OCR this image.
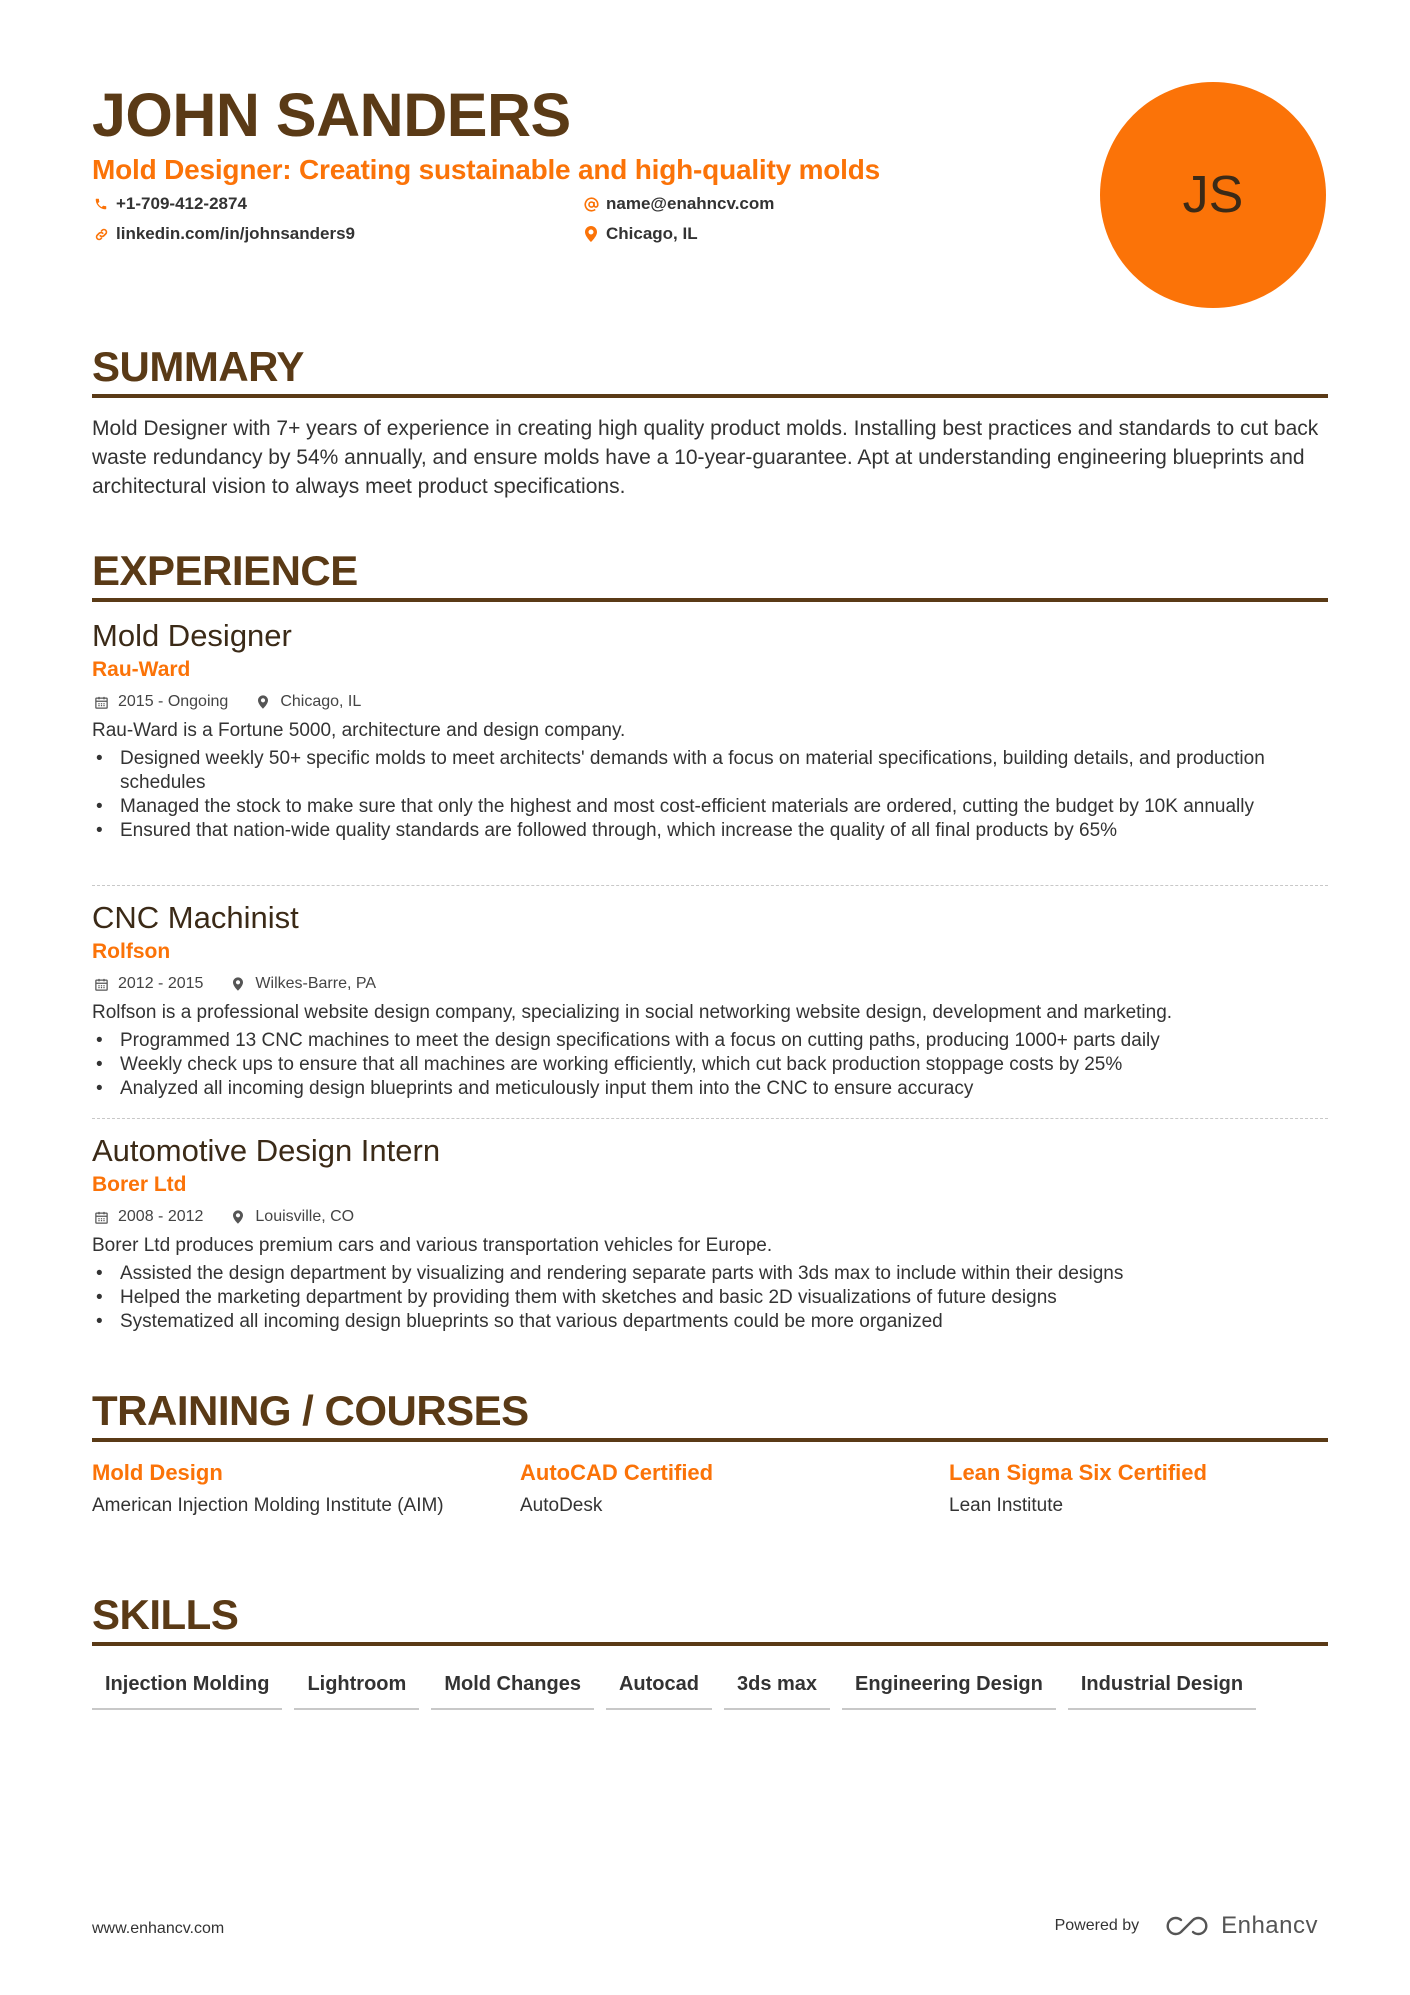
JOHN SANDERS
Mold Designer: Creating sustainable and high-quality molds
+1-709-412-2874
linkedin.com/in/johnsanders9
name@enahncv.com
Chicago, IL
JS
SUMMARY
Mold Designer with 7+ years of experience in creating high quality product molds. Installing best practices and standards to cut back waste redundancy by 54% annually, and ensure molds have a 10-year-guarantee. Apt at understanding engineering blueprints and architectural vision to always meet product specifications.
EXPERIENCE
Mold Designer
Rau-Ward
2015 - Ongoing	Chicago, IL
Rau-Ward is a Fortune 5000, architecture and design company.
• Designed weekly 50+ specific molds to meet architects' demands with a focus on material specifications, building details, and production schedules
• Managed the stock to make sure that only the highest and most cost-efficient materials are ordered, cutting the budget by 10K annually
• Ensured that nation-wide quality standards are followed through, which increase the quality of all final products by 65%
CNC Machinist
Rolfson
2012 - 2015	Wilkes-Barre, PA
Rolfson is a professional website design company, specializing in social networking website design, development and marketing.
• Programmed 13 CNC machines to meet the design specifications with a focus on cutting paths, producing 1000+ parts daily
• Weekly check ups to ensure that all machines are working efficiently, which cut back production stoppage costs by 25%
• Analyzed all incoming design blueprints and meticulously input them into the CNC to ensure accuracy
Automotive Design Intern
Borer Ltd
2008 - 2012	Louisville, CO
Borer Ltd produces premium cars and various transportation vehicles for Europe.
• Assisted the design department by visualizing and rendering separate parts with 3ds max to include within their designs
• Helped the marketing department by providing them with sketches and basic 2D visualizations of future designs
• Systematized all incoming design blueprints so that various departments could be more organized
TRAINING / COURSES
Mold Design
American Injection Molding Institute (AIM)
AutoCAD Certified
AutoDesk
Lean Sigma Six Certified
Lean Institute
SKILLS
Injection Molding	Lightroom	Mold Changes	Autocad	3ds max	Engineering Design	Industrial Design
www.enhancv.com	Powered by	Enhancv
